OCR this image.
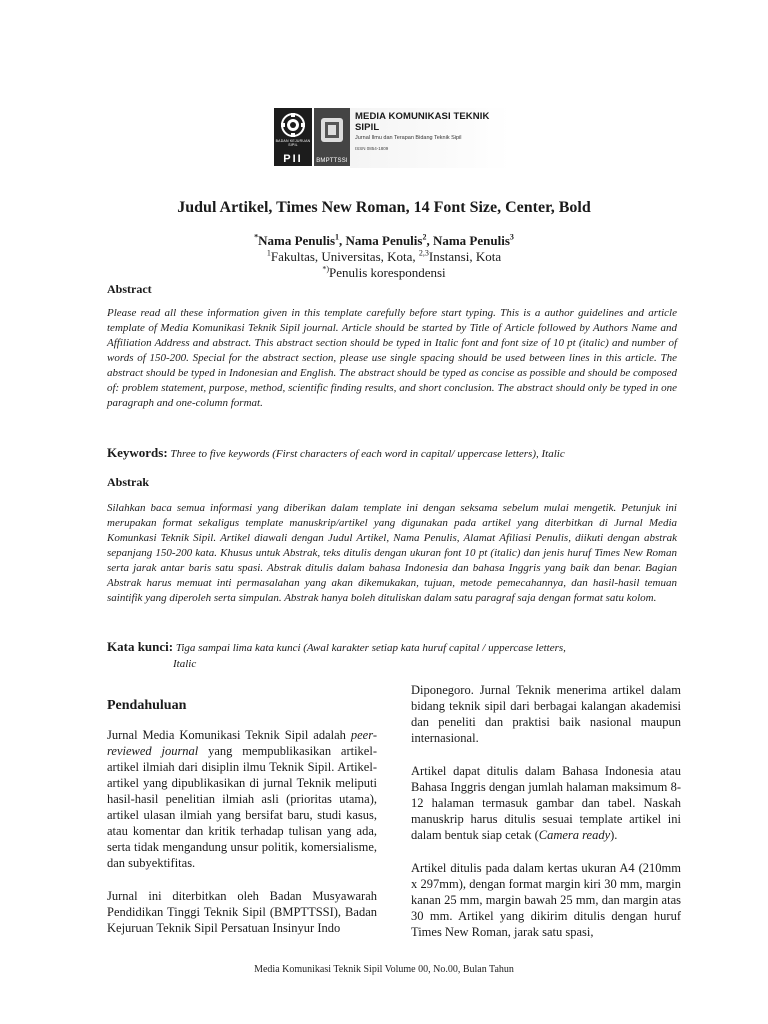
BADAN KEJURUAN SIPIL
PII BMPTTSSI
MEDIA KOMUNIKASI TEKNIK SIPIL
Jurnal Ilmu dan Terapan Bidang Teknik Sipil
ISSN 0854-1809
Judul Artikel, Times New Roman, 14 Font Size, Center, Bold
*Nama Penulis$^1$, Nama Penulis$^2$, Nama Penulis$^3$
$^1$Fakultas, Universitas, Kota, $^{2,3}$Instansi, Kota
*)Penulis korespondensi
Abstract
Please read all these information given in this template carefully before start typing. This is a author guidelines and article template of Media Komunikasi Teknik Sipil journal. Article should be started by Title of Article followed by Authors Name and Affiliation Address and abstract. This abstract section should be typed in Italic font and font size of 10 pt (italic) and number of words of 150-200. Special for the abstract section, please use single spacing should be used between lines in this article. The abstract should be typed in Indonesian and English. The abstract should be typed as concise as possible and should be composed of: problem statement, purpose, method, scientific finding results, and short conclusion. The abstract should only be typed in one paragraph and one-column format.
Keywords: Three to five keywords (First characters of each word in capital/ uppercase letters), Italic
Abstrak
Silahkan baca semua informasi yang diberikan dalam template ini dengan seksama sebelum mulai mengetik. Petunjuk ini merupakan format sekaligus template manuskrip/artikel yang digunakan pada artikel yang diterbitkan di Jurnal Media Komunkasi Teknik Sipil. Artikel diawali dengan Judul Artikel, Nama Penulis, Alamat Afiliasi Penulis, diikuti dengan abstrak sepanjang 150-200 kata. Khusus untuk Abstrak, teks ditulis dengan ukuran font 10 pt (italic) dan jenis huruf Times New Roman serta jarak antar baris satu spasi. Abstrak ditulis dalam bahasa Indonesia dan bahasa Inggris yang baik dan benar. Bagian Abstrak harus memuat inti permasalahan yang akan dikemukakan, tujuan, metode pemecahannya, dan hasil-hasil temuan saintifik yang diperoleh serta simpulan. Abstrak hanya boleh dituliskan dalam satu paragraf saja dengan format satu kolom.
Kata kunci: Tiga sampai lima kata kunci (Awal karakter setiap kata huruf capital / uppercase letters,
Italic
Pendahuluan

Jurnal Media Komunikasi Teknik Sipil adalah peer-reviewed journal yang mempublikasikan artikel-artikel ilmiah dari disiplin ilmu Teknik Sipil. Artikel-artikel yang dipublikasikan di jurnal Teknik meliputi hasil-hasil penelitian ilmiah asli (prioritas utama), artikel ulasan ilmiah yang bersifat baru, studi kasus, atau komentar dan kritik terhadap tulisan yang ada, serta tidak mengandung unsur politik, komersialisme, dan subyektifitas.

Jurnal ini diterbitkan oleh Badan Musyawarah Pendidikan Tinggi Teknik Sipil (BMPTTSSI), Badan Kejuruan Teknik Sipil Persatuan Insinyur Indo

Diponegoro. Jurnal Teknik menerima artikel dalam bidang teknik sipil dari berbagai kalangan akademisi dan peneliti dan praktisi baik nasional maupun internasional.

Artikel dapat ditulis dalam Bahasa Indonesia atau Bahasa Inggris dengan jumlah halaman maksimum 8-12 halaman termasuk gambar dan tabel. Naskah manuskrip harus ditulis sesuai template artikel ini dalam bentuk siap cetak (Camera ready).

Artikel ditulis pada dalam kertas ukuran A4 (210mm x 297mm), dengan format margin kiri 30 mm, margin kanan 25 mm, margin bawah 25 mm, dan margin atas 30 mm. Artikel yang dikirim ditulis dengan huruf Times New Roman, jarak satu spasi,

Media Komunikasi Teknik Sipil Volume 00, No.00, Bulan Tahun
